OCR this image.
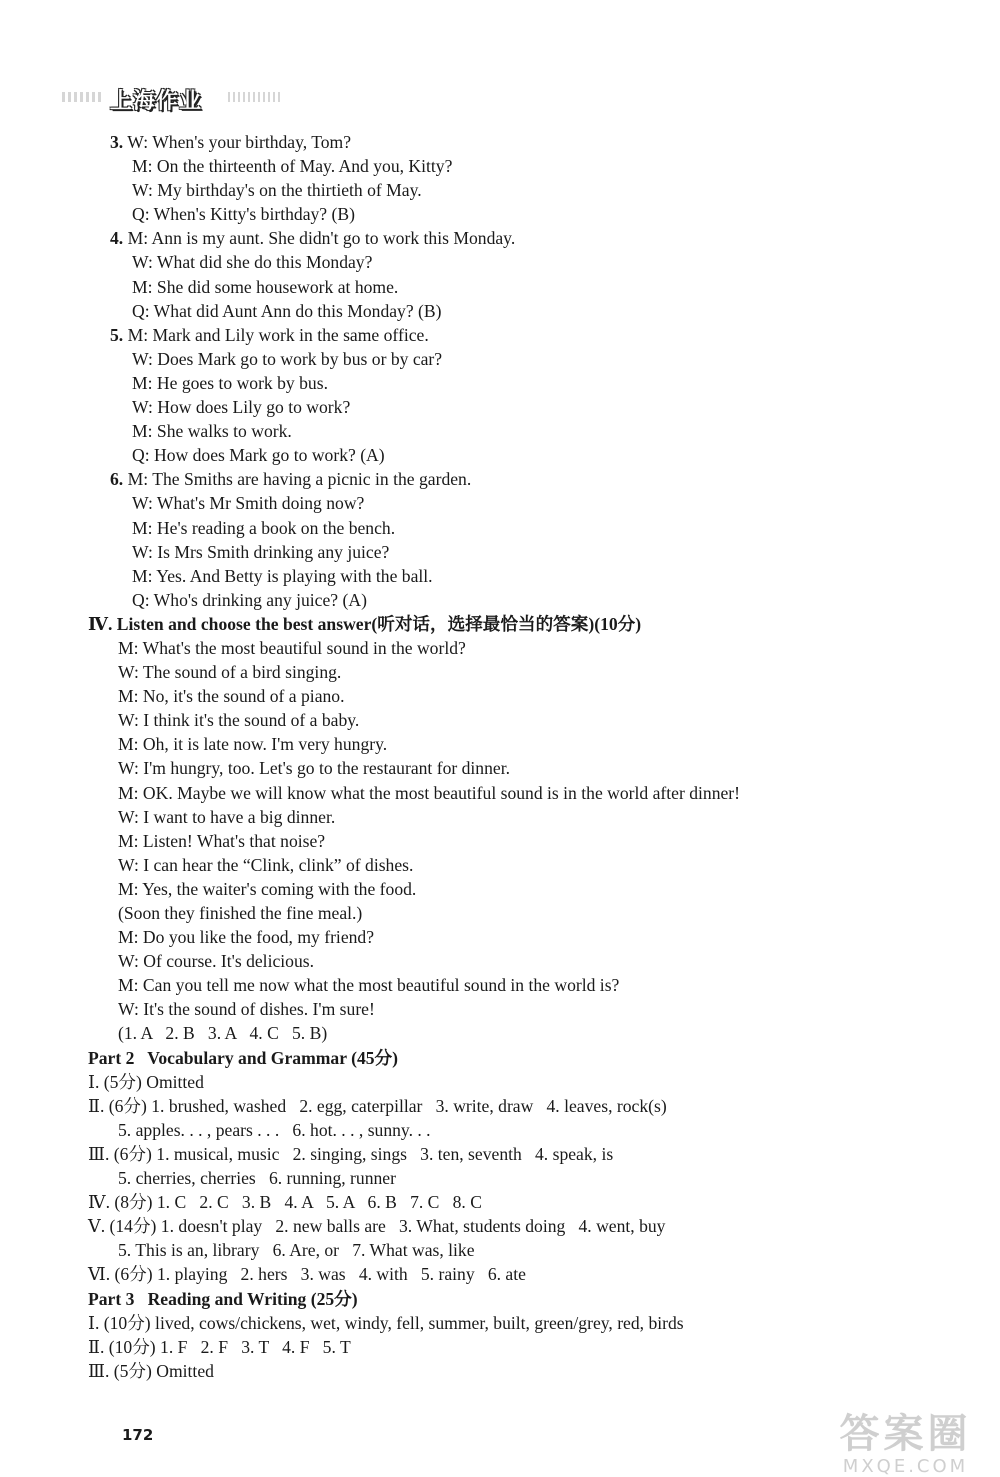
上海作业
3. W: When's your birthday, Tom?
M: On the thirteenth of May. And you, Kitty?
W: My birthday's on the thirtieth of May.
Q: When's Kitty's birthday? (B)
4. M: Ann is my aunt. She didn't go to work this Monday.
W: What did she do this Monday?
M: She did some housework at home.
Q: What did Aunt Ann do this Monday? (B)
5. M: Mark and Lily work in the same office.
W: Does Mark go to work by bus or by car?
M: He goes to work by bus.
W: How does Lily go to work?
M: She walks to work.
Q: How does Mark go to work? (A)
6. M: The Smiths are having a picnic in the garden.
W: What's Mr Smith doing now?
M: He's reading a book on the bench.
W: Is Mrs Smith drinking any juice?
M: Yes. And Betty is playing with the ball.
Q: Who's drinking any juice? (A)
Ⅳ. Listen and choose the best answer(听对话，选择最恰当的答案)(10分)
M: What's the most beautiful sound in the world?
W: The sound of a bird singing.
M: No, it's the sound of a piano.
W: I think it's the sound of a baby.
M: Oh, it is late now. I'm very hungry.
W: I'm hungry, too. Let's go to the restaurant for dinner.
M: OK. Maybe we will know what the most beautiful sound is in the world after dinner!
W: I want to have a big dinner.
M: Listen! What's that noise?
W: I can hear the “Clink, clink” of dishes.
M: Yes, the waiter's coming with the food.
(Soon they finished the fine meal.)
M: Do you like the food, my friend?
W: Of course. It's delicious.
M: Can you tell me now what the most beautiful sound in the world is?
W: It's the sound of dishes. I'm sure!
(1. A   2. B   3. A   4. C   5. B)
Part 2   Vocabulary and Grammar (45分)
Ⅰ. (5分) Omitted
Ⅱ. (6分) 1. brushed, washed   2. egg, caterpillar   3. write, draw   4. leaves, rock(s)
5. apples. . . , pears . . .   6. hot. . . , sunny. . .
Ⅲ. (6分) 1. musical, music   2. singing, sings   3. ten, seventh   4. speak, is
5. cherries, cherries   6. running, runner
Ⅳ. (8分) 1. C   2. C   3. B   4. A   5. A   6. B   7. C   8. C
Ⅴ. (14分) 1. doesn't play   2. new balls are   3. What, students doing   4. went, buy
5. This is an, library   6. Are, or   7. What was, like
Ⅵ. (6分) 1. playing   2. hers   3. was   4. with   5. rainy   6. ate
Part 3   Reading and Writing (25分)
Ⅰ. (10分) lived, cows/chickens, wet, windy, fell, summer, built, green/grey, red, birds
Ⅱ. (10分) 1. F   2. F   3. T   4. F   5. T
Ⅲ. (5分) Omitted
172	答案圈
MXQE.COM
